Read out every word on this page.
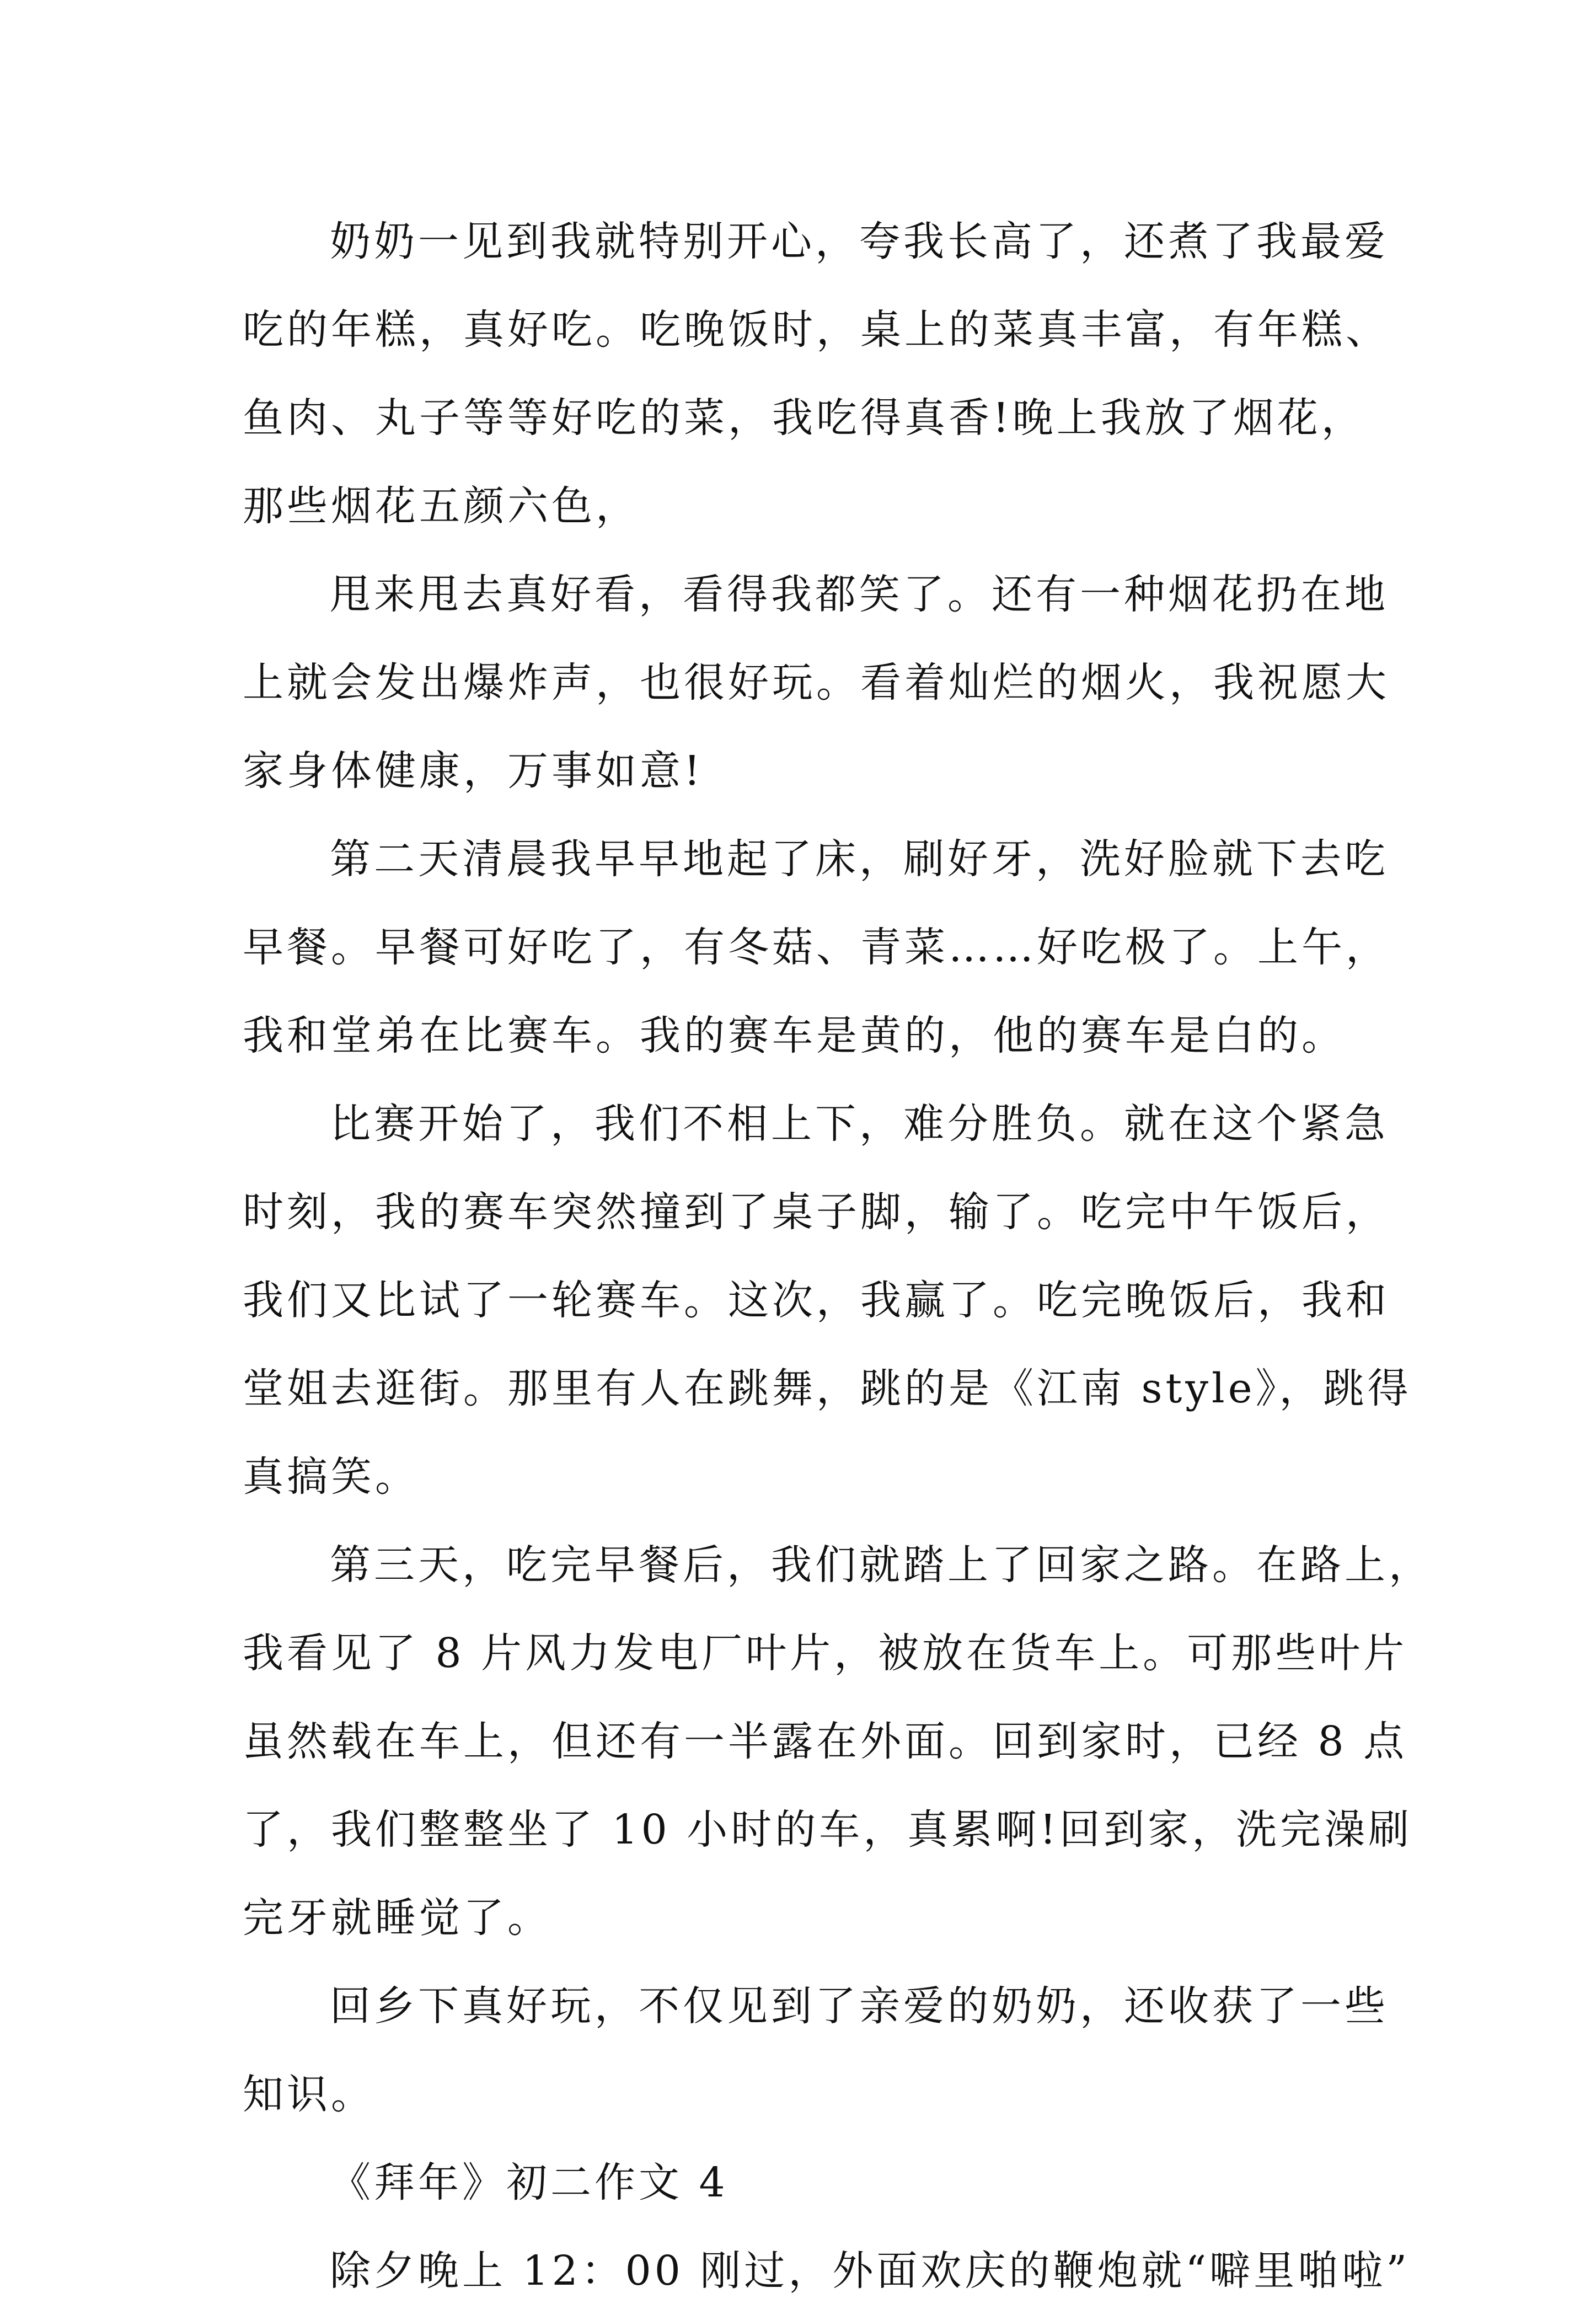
奶奶一见到我就特别开心，夸我长高了，还煮了我最爱
吃的年糕，真好吃。吃晚饭时，桌上的菜真丰富，有年糕、
鱼肉、丸子等等好吃的菜，我吃得真香!晚上我放了烟花，
那些烟花五颜六色，
甩来甩去真好看，看得我都笑了。还有一种烟花扔在地
上就会发出爆炸声，也很好玩。看着灿烂的烟火，我祝愿大
家身体健康，万事如意!
第二天清晨我早早地起了床，刷好牙，洗好脸就下去吃
早餐。早餐可好吃了，有冬菇、青菜……好吃极了。上午，
我和堂弟在比赛车。我的赛车是黄的，他的赛车是白的。
比赛开始了，我们不相上下，难分胜负。就在这个紧急
时刻，我的赛车突然撞到了桌子脚，输了。吃完中午饭后，
我们又比试了一轮赛车。这次，我赢了。吃完晚饭后，我和
堂姐去逛街。那里有人在跳舞，跳的是《江南 style》，跳得
真搞笑。
第三天，吃完早餐后，我们就踏上了回家之路。在路上，
我看见了 8 片风力发电厂叶片，被放在货车上。可那些叶片
虽然载在车上，但还有一半露在外面。回到家时，已经 8 点
了，我们整整坐了 10 小时的车，真累啊!回到家，洗完澡刷
完牙就睡觉了。
回乡下真好玩，不仅见到了亲爱的奶奶，还收获了一些
知识。
《拜年》初二作文 4
除夕晚上 12：00 刚过，外面欢庆的鞭炮就“噼里啪啦”
